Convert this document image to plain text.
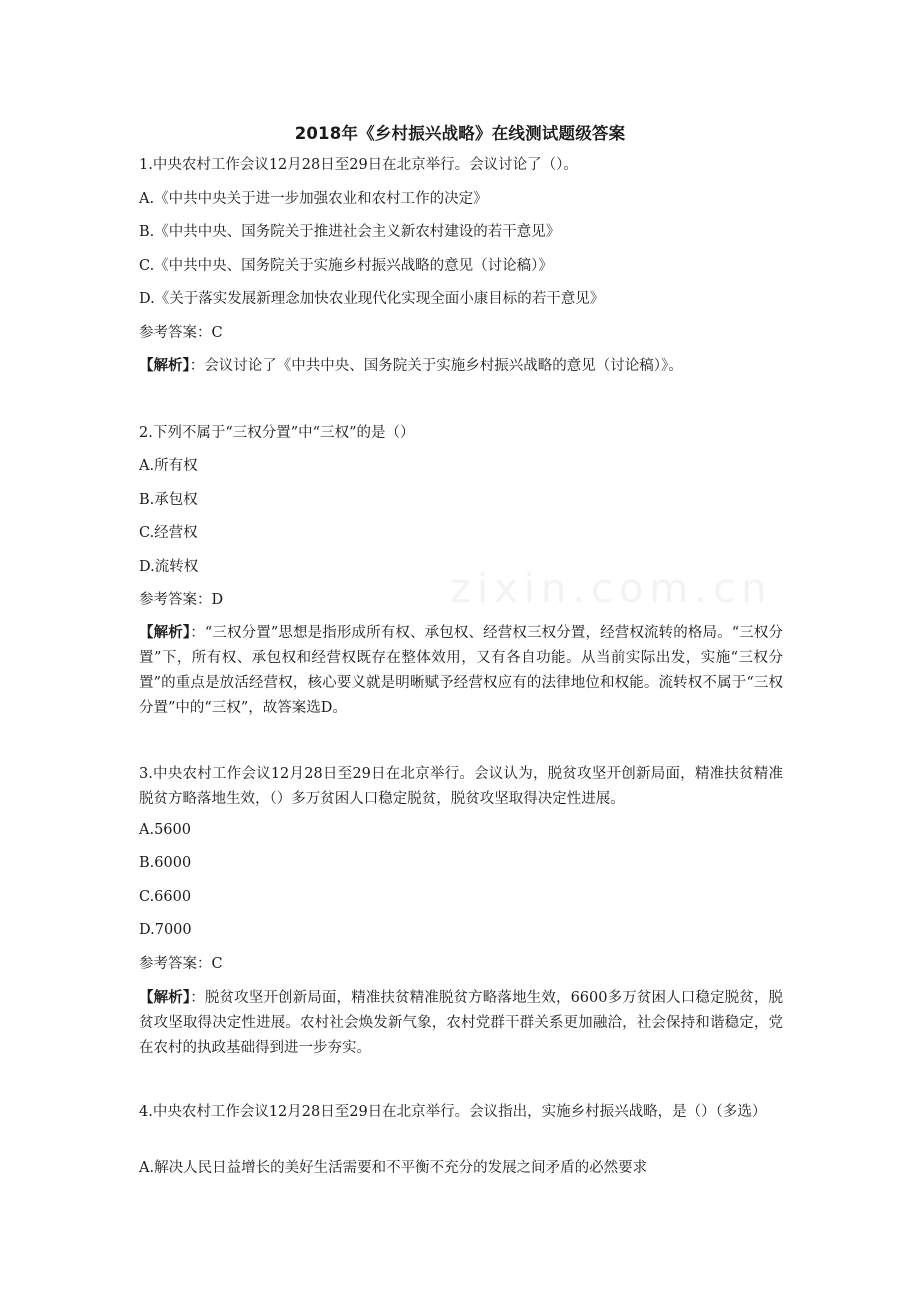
zixin.com.cn
2018年《乡村振兴战略》在线测试题级答案
1.中央农村工作会议12月28日至29日在北京举行。会议讨论了（）。
A.《中共中央关于进一步加强农业和农村工作的决定》
B.《中共中央、国务院关于推进社会主义新农村建设的若干意见》
C.《中共中央、国务院关于实施乡村振兴战略的意见（讨论稿）》
D.《关于落实发展新理念加快农业现代化实现全面小康目标的若干意见》
参考答案：C
【解析】：会议讨论了《中共中央、国务院关于实施乡村振兴战略的意见（讨论稿）》。
2.下列不属于“三权分置”中“三权”的是（）
A.所有权
B.承包权
C.经营权
D.流转权
参考答案：D
【解析】：“三权分置”思想是指形成所有权、承包权、经营权三权分置，经营权流转的格局。“三权分置”下，所有权、承包权和经营权既存在整体效用，又有各自功能。从当前实际出发，实施“三权分置”的重点是放活经营权，核心要义就是明晰赋予经营权应有的法律地位和权能。流转权不属于“三权分置”中的“三权”，故答案选D。
3.中央农村工作会议12月28日至29日在北京举行。会议认为，脱贫攻坚开创新局面，精准扶贫精准脱贫方略落地生效，（）多万贫困人口稳定脱贫，脱贫攻坚取得决定性进展。
A.5600
B.6000
C.6600
D.7000
参考答案：C
【解析】：脱贫攻坚开创新局面，精准扶贫精准脱贫方略落地生效，6600多万贫困人口稳定脱贫，脱贫攻坚取得决定性进展。农村社会焕发新气象，农村党群干群关系更加融洽，社会保持和谐稳定，党在农村的执政基础得到进一步夯实。
4.中央农村工作会议12月28日至29日在北京举行。会议指出，实施乡村振兴战略，是（）（多选）
A.解决人民日益增长的美好生活需要和不平衡不充分的发展之间矛盾的必然要求
